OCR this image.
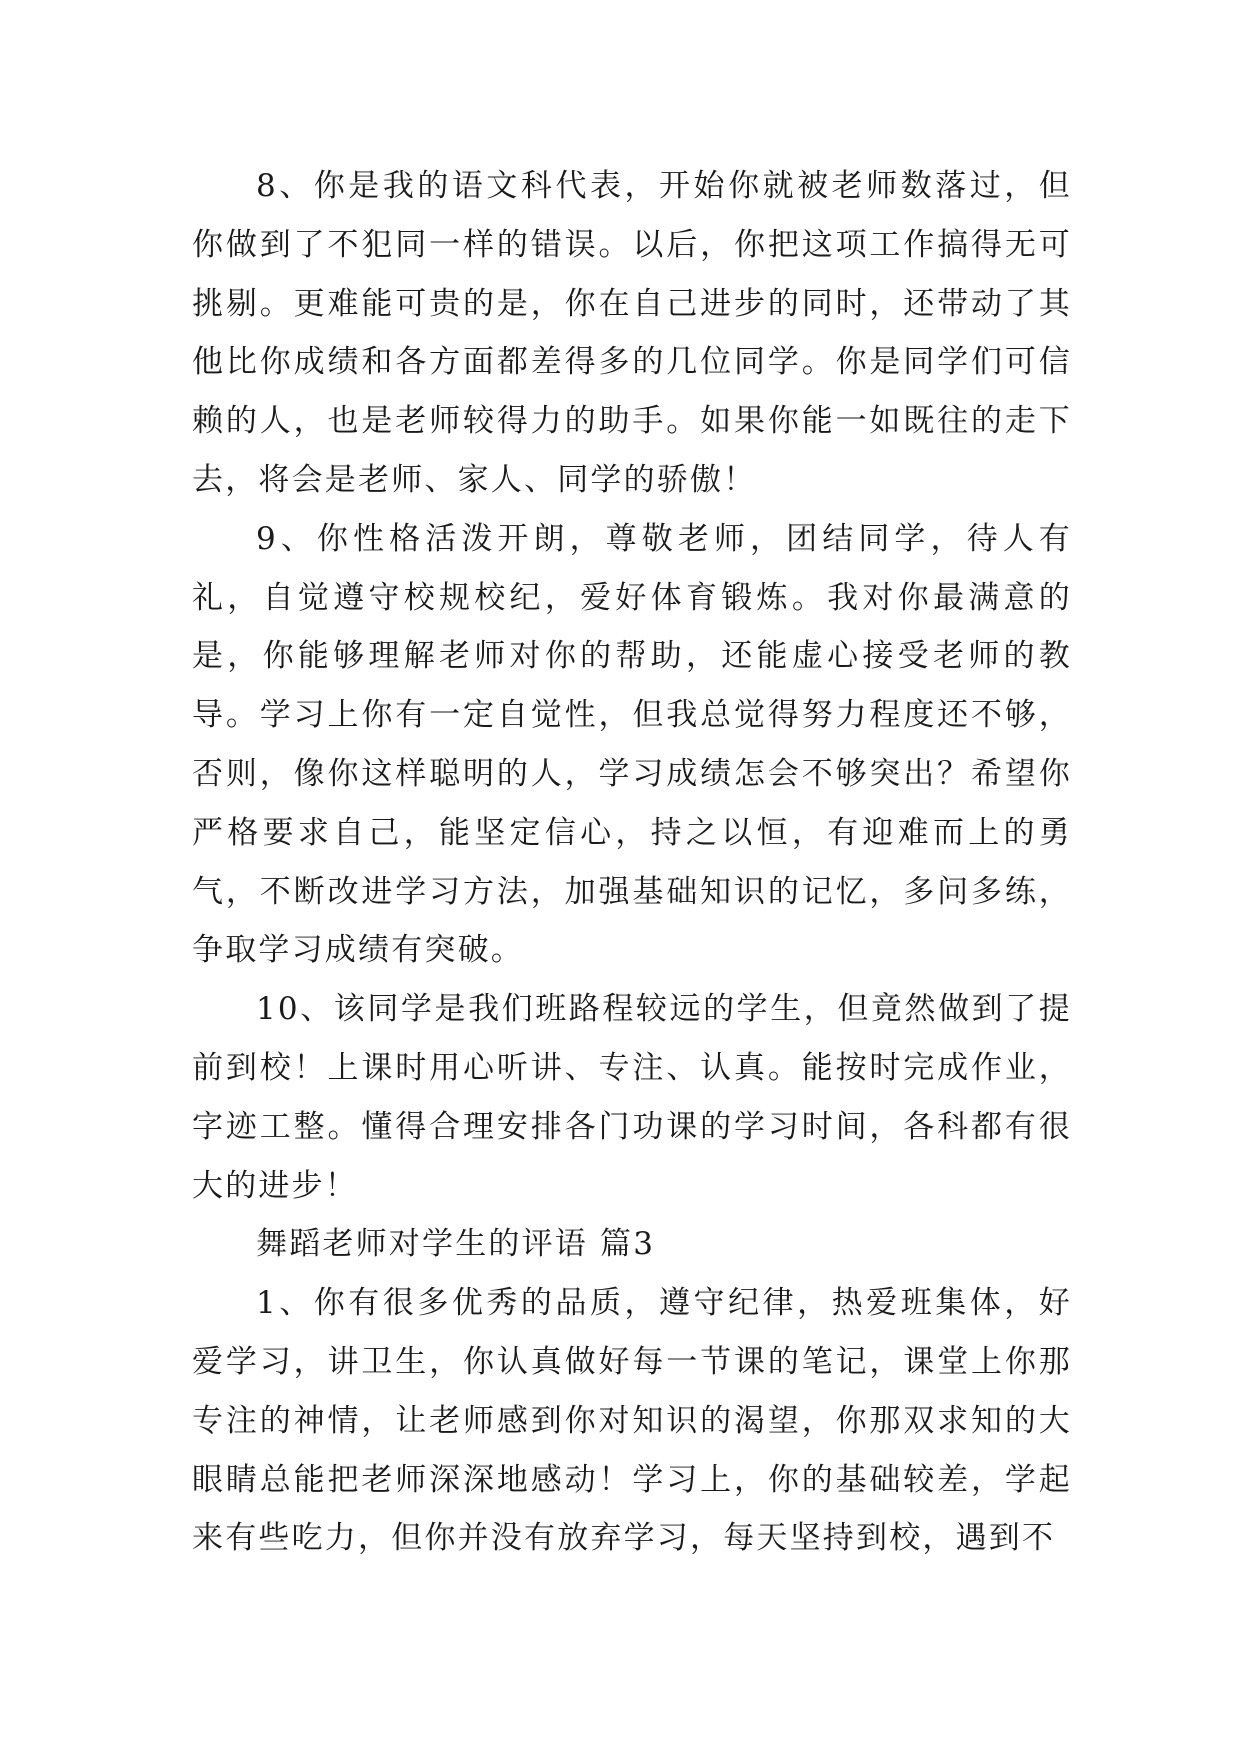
8、你是我的语文科代表，开始你就被老师数落过，但你做到了不犯同一样的错误。以后，你把这项工作搞得无可挑剔。更难能可贵的是，你在自己进步的同时，还带动了其他比你成绩和各方面都差得多的几位同学。你是同学们可信赖的人，也是老师较得力的助手。如果你能一如既往的走下去，将会是老师、家人、同学的骄傲！

9、你性格活泼开朗，尊敬老师，团结同学，待人有礼，自觉遵守校规校纪，爱好体育锻炼。我对你最满意的是，你能够理解老师对你的帮助，还能虚心接受老师的教导。学习上你有一定自觉性，但我总觉得努力程度还不够，否则，像你这样聪明的人，学习成绩怎会不够突出？希望你严格要求自己，能坚定信心，持之以恒，有迎难而上的勇气，不断改进学习方法，加强基础知识的记忆，多问多练，争取学习成绩有突破。

10、该同学是我们班路程较远的学生，但竟然做到了提前到校！上课时用心听讲、专注、认真。能按时完成作业，字迹工整。懂得合理安排各门功课的学习时间，各科都有很大的进步！

舞蹈老师对学生的评语 篇3

1、你有很多优秀的品质，遵守纪律，热爱班集体，好爱学习，讲卫生，你认真做好每一节课的笔记，课堂上你那专注的神情，让老师感到你对知识的渴望，你那双求知的大眼睛总能把老师深深地感动！学习上，你的基础较差，学起来有些吃力，但你并没有放弃学习，每天坚持到校，遇到不
